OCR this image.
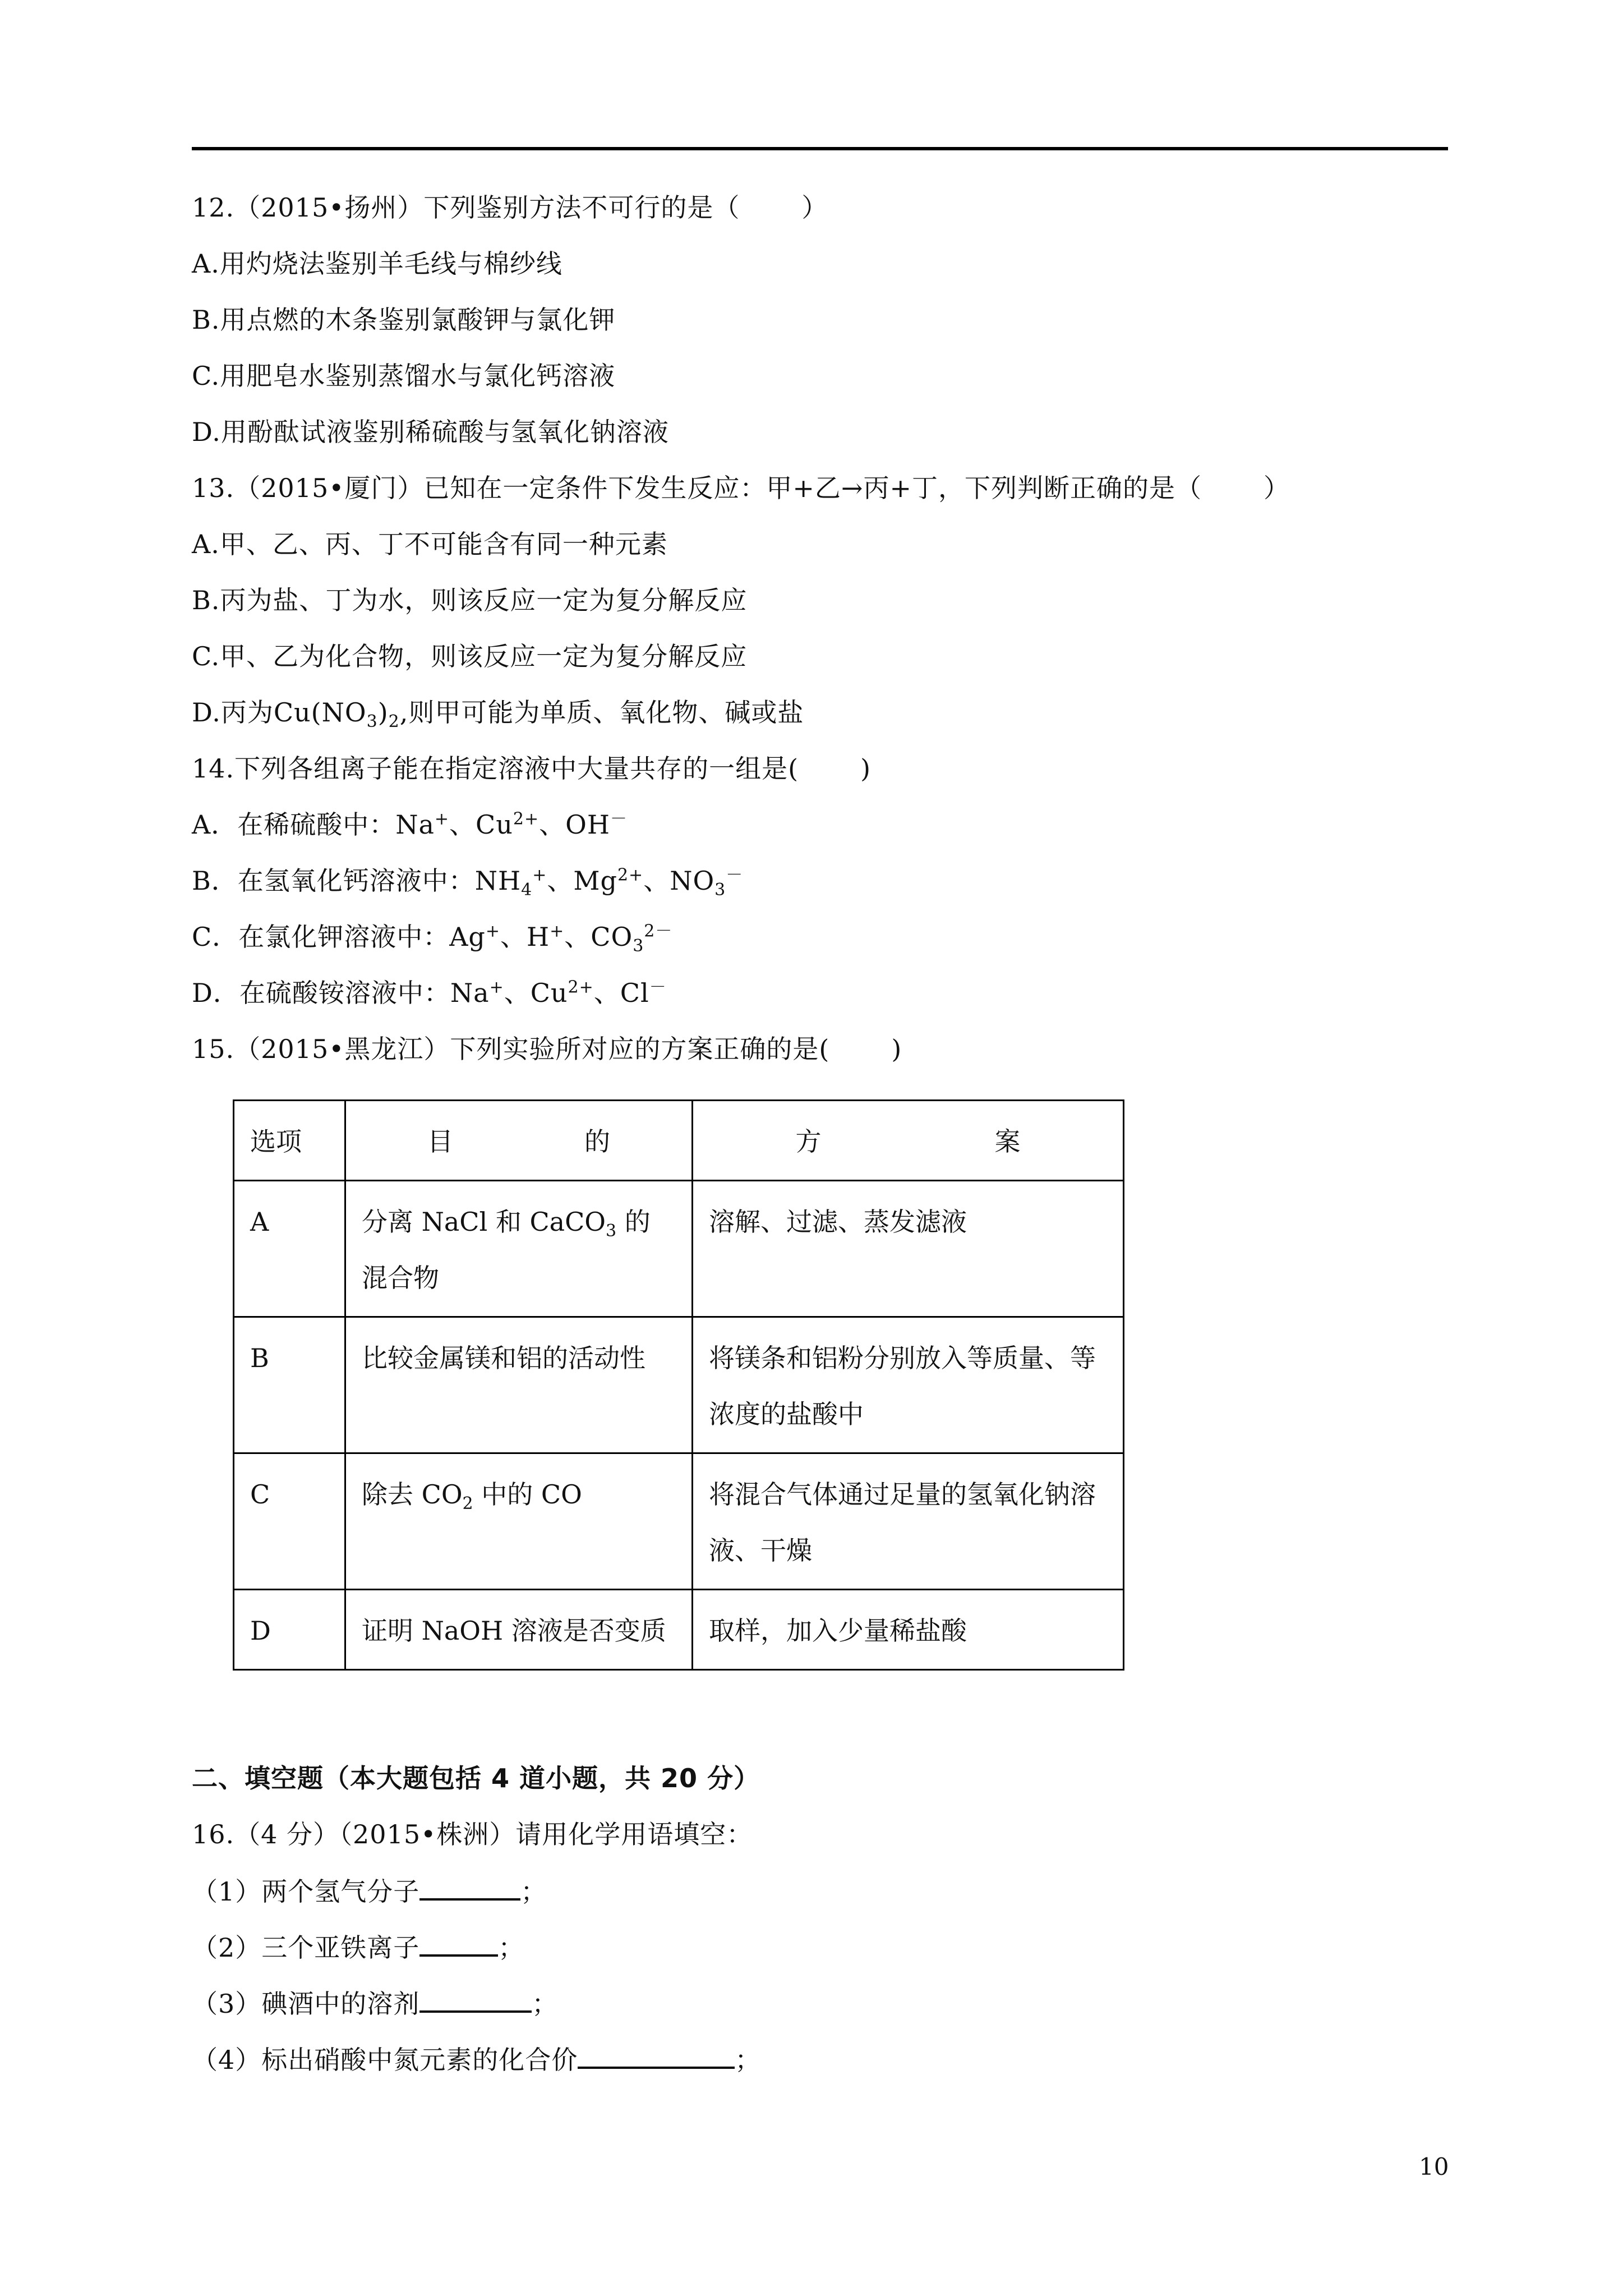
12.（2015•扬州）下列鉴别方法不可行的是（ ）
A.用灼烧法鉴别羊毛线与棉纱线
B.用点燃的木条鉴别氯酸钾与氯化钾
C.用肥皂水鉴别蒸馏水与氯化钙溶液
D.用酚酞试液鉴别稀硫酸与氢氧化钠溶液
13.（2015•厦门）已知在一定条件下发生反应：甲+乙→丙+丁，下列判断正确的是（ ）
A.甲、乙、丙、丁不可能含有同一种元素
B.丙为盐、丁为水，则该反应一定为复分解反应
C.甲、乙为化合物，则该反应一定为复分解反应
D.丙为$Cu(NO_3)_2$,则甲可能为单质、氧化物、碱或盐
14.下列各组离子能在指定溶液中大量共存的一组是( )
A．在稀硫酸中：Na+、$Cu^{2+}$、OH－
B．在氢氧化钙溶液中：$NH_4^+$、$Mg^{2+}$、$NO_3^-$
C．在氯化钾溶液中：Ag+、H+、$CO_3^{2-}$
D．在硫酸铵溶液中：Na+、$Cu^{2+}$、Cl－
15.（2015•黑龙江）下列实验所对应的方案正确的是( )
选项	目 的	方 案

A	分离 NaCl 和 CaCO$_3$ 的混合物	溶解、过滤、蒸发滤液
B	比较金属镁和铝的活动性	将镁条和铝粉分别放入等质量、等浓度的盐酸中
C	除去 $CO_2$ 中的 CO	将混合气体通过足量的氢氧化钠溶液、干燥
D	证明 NaOH 溶液是否变质	取样，加入少量稀盐酸
二、填空题（本大题包括 4 道小题，共 20 分）
16.（4 分）（2015•株洲）请用化学用语填空：
（1）两个氢气分子	；
（2）三个亚铁离子	；
（3）碘酒中的溶剂	；
（4）标出硝酸中氮元素的化合价	；
10
